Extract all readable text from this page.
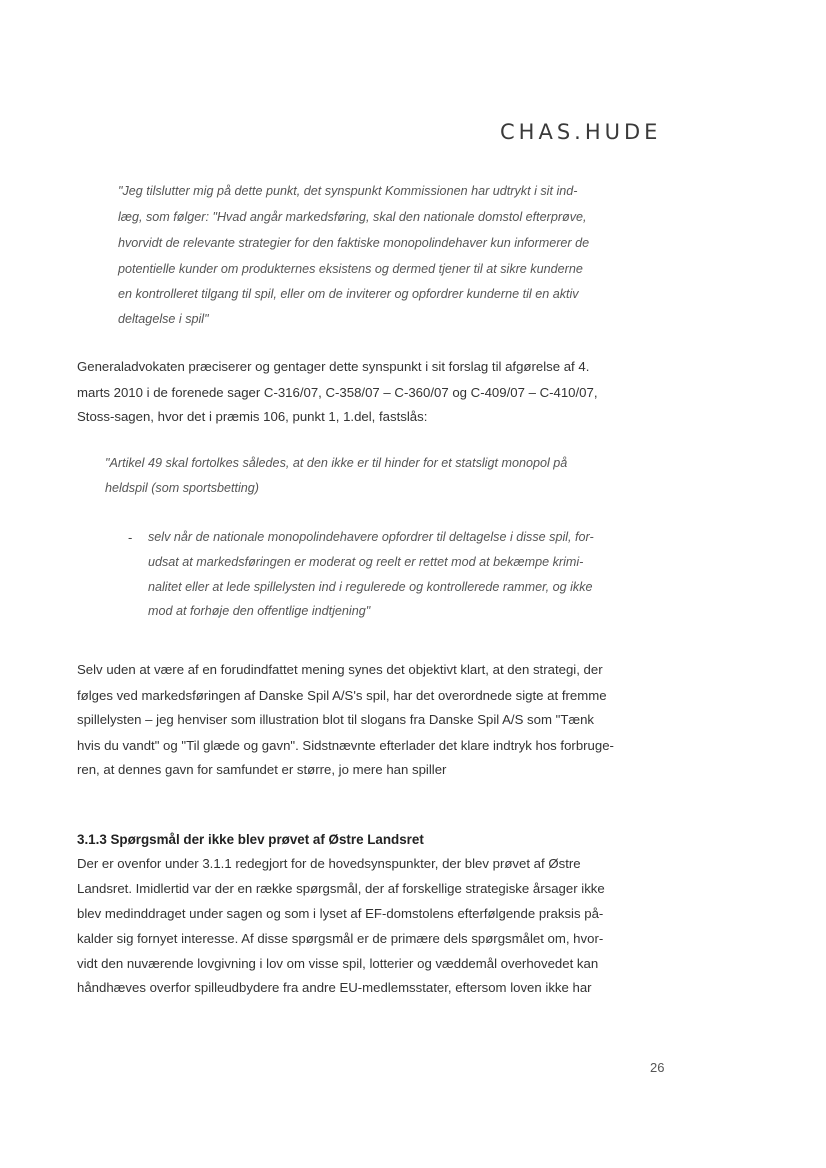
CHAS.HUDE
"Jeg tilslutter mig på dette punkt, det synspunkt Kommissionen har udtrykt i sit ind-
læg, som følger: "Hvad angår markedsføring, skal den nationale domstol efterprøve,
hvorvidt de relevante strategier for den faktiske monopolindehaver kun informerer de
potentielle kunder om produkternes eksistens og dermed tjener til at sikre kunderne
en kontrolleret tilgang til spil, eller om de inviterer og opfordrer kunderne til en aktiv
deltagelse i spil"
Generaladvokaten præciserer og gentager dette synspunkt i sit forslag til afgørelse af 4.
marts 2010 i de forenede sager C-316/07, C-358/07 – C-360/07 og C-409/07 – C-410/07,
Stoss-sagen, hvor det i præmis 106, punkt 1, 1.del, fastslås:
"Artikel 49 skal fortolkes således, at den ikke er til hinder for et statsligt monopol på
heldspil (som sportsbetting)
- selv når de nationale monopolindehavere opfordrer til deltagelse i disse spil, for-
udsat at markedsføringen er moderat og reelt er rettet mod at bekæmpe krimi-
nalitet eller at lede spillelysten ind i regulerede og kontrollerede rammer, og ikke
mod at forhøje den offentlige indtjening"
Selv uden at være af en forudindfattet mening synes det objektivt klart, at den strategi, der
følges ved markedsføringen af Danske Spil A/S's spil, har det overordnede sigte at fremme
spillelysten – jeg henviser som illustration blot til slogans fra Danske Spil A/S som "Tænk
hvis du vandt" og "Til glæde og gavn". Sidstnævnte efterlader det klare indtryk hos forbruge-
ren, at dennes gavn for samfundet er større, jo mere han spiller
3.1.3 Spørgsmål der ikke blev prøvet af Østre Landsret
Der er ovenfor under 3.1.1 redegjort for de hovedsynspunkter, der blev prøvet af Østre
Landsret. Imidlertid var der en række spørgsmål, der af forskellige strategiske årsager ikke
blev medinddraget under sagen og som i lyset af EF-domstolens efterfølgende praksis på-
kalder sig fornyet interesse. Af disse spørgsmål er de primære dels spørgsmålet om, hvor-
vidt den nuværende lovgivning i lov om visse spil, lotterier og væddemål overhovedet kan
håndhæves overfor spilleudbydere fra andre EU-medlemsstater, eftersom loven ikke har
26
